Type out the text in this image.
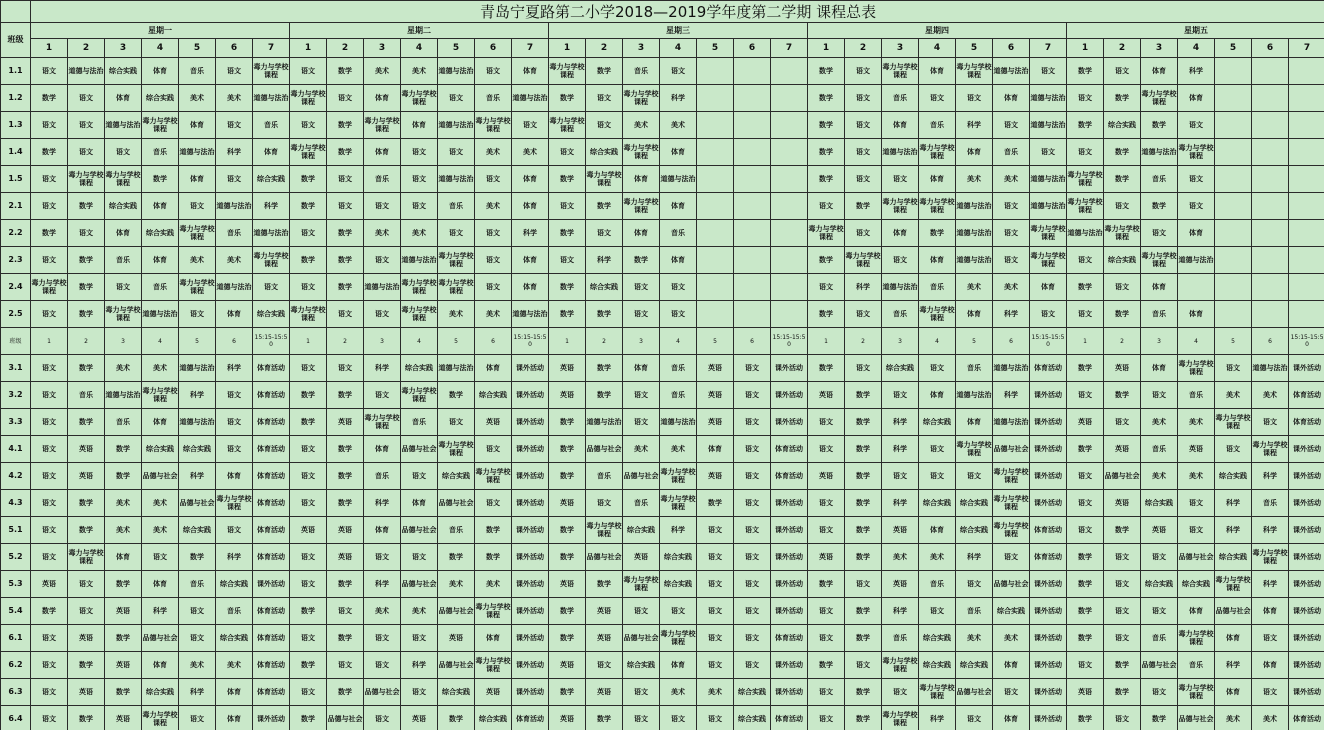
	青岛宁夏路第二小学2018—2019学年度第二学期 课程总表																																		
班级	星期一							星期二							星期三							星期四							星期五						
	1	2	3	4	5	6	7	1	2	3	4	5	6	7	1	2	3	4	5	6	7	1	2	3	4	5	6	7	1	2	3	4	5	6	7
1.1	语文	道德与法治	综合实践	体育	音乐	语文	毒力与学校课程	语文	数学	美术	美术	道德与法治	语文	体育	毒力与学校课程	数学	音乐	语文				数学	语文	毒力与学校课程	体育	毒力与学校课程	道德与法治	语文	数学	语文	体育	科学			
1.2	数学	语文	体育	综合实践	美术	美术	道德与法治	毒力与学校课程	语文	体育	毒力与学校课程	语文	音乐	道德与法治	数学	语文	毒力与学校课程	科学				数学	语文	音乐	语文	语文	体育	道德与法治	语文	数学	毒力与学校课程	体育			
1.3	语文	语文	道德与法治	毒力与学校课程	体育	语文	音乐	语文	数学	毒力与学校课程	体育	道德与法治	毒力与学校课程	语文	毒力与学校课程	语文	美术	美术				数学	语文	体育	音乐	科学	语文	道德与法治	数学	综合实践	数学	语文			
1.4	数学	语文	语文	音乐	道德与法治	科学	体育	毒力与学校课程	数学	体育	语文	语文	美术	美术	语文	综合实践	毒力与学校课程	体育				数学	语文	道德与法治	毒力与学校课程	体育	音乐	语文	语文	数学	道德与法治	毒力与学校课程			
1.5	语文	毒力与学校课程	毒力与学校课程	数学	体育	语文	综合实践	数学	语文	音乐	语文	道德与法治	语文	体育	数学	毒力与学校课程	体育	道德与法治				数学	语文	语文	体育	美术	美术	道德与法治	毒力与学校课程	数学	音乐	语文			
2.1	语文	数学	综合实践	体育	语文	道德与法治	科学	数学	语文	语文	语文	音乐	美术	体育	语文	数学	毒力与学校课程	体育				语文	数学	毒力与学校课程	毒力与学校课程	道德与法治	语文	道德与法治	毒力与学校课程	语文	数学	语文			
2.2	数学	语文	体育	综合实践	毒力与学校课程	音乐	道德与法治	语文	数学	美术	美术	语文	语文	科学	数学	语文	体育	音乐				毒力与学校课程	语文	体育	数学	道德与法治	语文	毒力与学校课程	道德与法治	毒力与学校课程	语文	体育			
2.3	语文	数学	音乐	体育	美术	美术	毒力与学校课程	数学	数学	语文	道德与法治	毒力与学校课程	语文	体育	语文	科学	数学	体育				数学	毒力与学校课程	语文	体育	道德与法治	语文	毒力与学校课程	语文	综合实践	毒力与学校课程	道德与法治			
2.4	毒力与学校课程	数学	语文	音乐	毒力与学校课程	道德与法治	语文	语文	数学	道德与法治	毒力与学校课程	毒力与学校课程	语文	体育	数学	综合实践	语文	语文				语文	科学	道德与法治	音乐	美术	美术	体育	数学	语文	体育				
2.5	语文	数学	毒力与学校课程	道德与法治	语文	体育	综合实践	毒力与学校课程	语文	语文	毒力与学校课程	美术	美术	道德与法治	数学	数学	语文	语文				数学	语文	音乐	毒力与学校课程	体育	科学	语文	语文	数学	音乐	体育			
班级	1	2	3	4	5	6	15:15-15:50	1	2	3	4	5	6	15:15-15:50	1	2	3	4	5	6	15:15-15:50	1	2	3	4	5	6	15:15-15:50	1	2	3	4	5	6	15:15-15:50
3.1	语文	数学	美术	美术	道德与法治	科学	体育活动	语文	语文	科学	综合实践	道德与法治	体育	课外活动	英语	数学	体育	音乐	英语	语文	课外活动	数学	语文	综合实践	语文	音乐	道德与法治	体育活动	数学	英语	体育	毒力与学校课程	语文	道德与法治	课外活动
3.2	语文	音乐	道德与法治	毒力与学校课程	科学	语文	体育活动	数学	数学	语文	毒力与学校课程	数学	综合实践	课外活动	英语	数学	语文	音乐	英语	语文	课外活动	英语	数学	语文	体育	道德与法治	科学	课外活动	语文	数学	语文	音乐	美术	美术	体育活动
3.3	语文	数学	音乐	体育	道德与法治	语文	体育活动	数学	英语	毒力与学校课程	音乐	语文	英语	课外活动	数学	道德与法治	语文	道德与法治	英语	语文	课外活动	语文	数学	科学	综合实践	体育	道德与法治	课外活动	英语	语文	美术	美术	毒力与学校课程	语文	体育活动
4.1	语文	英语	数学	综合实践	综合实践	语文	体育活动	语文	数学	体育	品德与社会	毒力与学校课程	语文	课外活动	数学	品德与社会	美术	美术	体育	语文	体育活动	语文	数学	科学	语文	毒力与学校课程	品德与社会	课外活动	数学	英语	音乐	英语	语文	毒力与学校课程	课外活动
4.2	语文	英语	数学	品德与社会	科学	体育	体育活动	语文	数学	音乐	语文	综合实践	毒力与学校课程	课外活动	数学	音乐	品德与社会	毒力与学校课程	英语	语文	体育活动	英语	数学	语文	语文	语文	毒力与学校课程	课外活动	语文	品德与社会	美术	美术	综合实践	科学	课外活动
4.3	语文	数学	美术	美术	品德与社会	毒力与学校课程	体育活动	语文	数学	科学	体育	品德与社会	语文	课外活动	英语	语文	音乐	毒力与学校课程	数学	语文	课外活动	语文	数学	科学	综合实践	综合实践	毒力与学校课程	课外活动	语文	英语	综合实践	语文	科学	音乐	课外活动
5.1	语文	数学	美术	美术	综合实践	语文	体育活动	英语	英语	体育	品德与社会	音乐	数学	课外活动	数学	毒力与学校课程	综合实践	科学	语文	语文	课外活动	语文	数学	英语	体育	综合实践	毒力与学校课程	体育活动	语文	数学	英语	语文	科学	科学	课外活动
5.2	语文	毒力与学校课程	体育	语文	数学	科学	体育活动	语文	英语	语文	语文	数学	数学	课外活动	数学	品德与社会	英语	综合实践	语文	语文	课外活动	英语	数学	美术	美术	科学	语文	体育活动	数学	语文	语文	品德与社会	综合实践	毒力与学校课程	课外活动
5.3	英语	语文	数学	体育	音乐	综合实践	课外活动	语文	数学	科学	品德与社会	美术	美术	课外活动	英语	数学	毒力与学校课程	综合实践	语文	语文	课外活动	数学	语文	英语	音乐	语文	品德与社会	课外活动	数学	语文	综合实践	综合实践	毒力与学校课程	科学	课外活动
5.4	数学	语文	英语	科学	语文	音乐	体育活动	数学	语文	美术	美术	品德与社会	毒力与学校课程	课外活动	数学	英语	语文	语文	语文	语文	课外活动	语文	数学	科学	语文	音乐	综合实践	课外活动	数学	语文	语文	体育	品德与社会	体育	课外活动
6.1	语文	英语	数学	品德与社会	语文	综合实践	体育活动	语文	数学	语文	语文	英语	体育	课外活动	数学	英语	品德与社会	毒力与学校课程	语文	语文	体育活动	语文	数学	音乐	综合实践	美术	美术	课外活动	数学	语文	音乐	毒力与学校课程	体育	语文	课外活动
6.2	语文	数学	英语	体育	美术	美术	体育活动	数学	语文	语文	科学	品德与社会	毒力与学校课程	课外活动	英语	语文	综合实践	体育	语文	语文	课外活动	数学	语文	毒力与学校课程	综合实践	综合实践	体育	课外活动	语文	数学	品德与社会	音乐	科学	体育	课外活动
6.3	语文	英语	数学	综合实践	科学	体育	体育活动	语文	数学	品德与社会	语文	综合实践	英语	课外活动	数学	英语	语文	美术	美术	综合实践	课外活动	语文	数学	语文	毒力与学校课程	品德与社会	语文	课外活动	英语	数学	语文	毒力与学校课程	体育	语文	课外活动
6.4	语文	数学	英语	毒力与学校课程	语文	体育	课外活动	数学	品德与社会	语文	英语	数学	综合实践	体育活动	英语	数学	语文	语文	语文	综合实践	体育活动	语文	数学	毒力与学校课程	科学	语文	体育	课外活动	数学	语文	数学	品德与社会	美术	美术	体育活动
